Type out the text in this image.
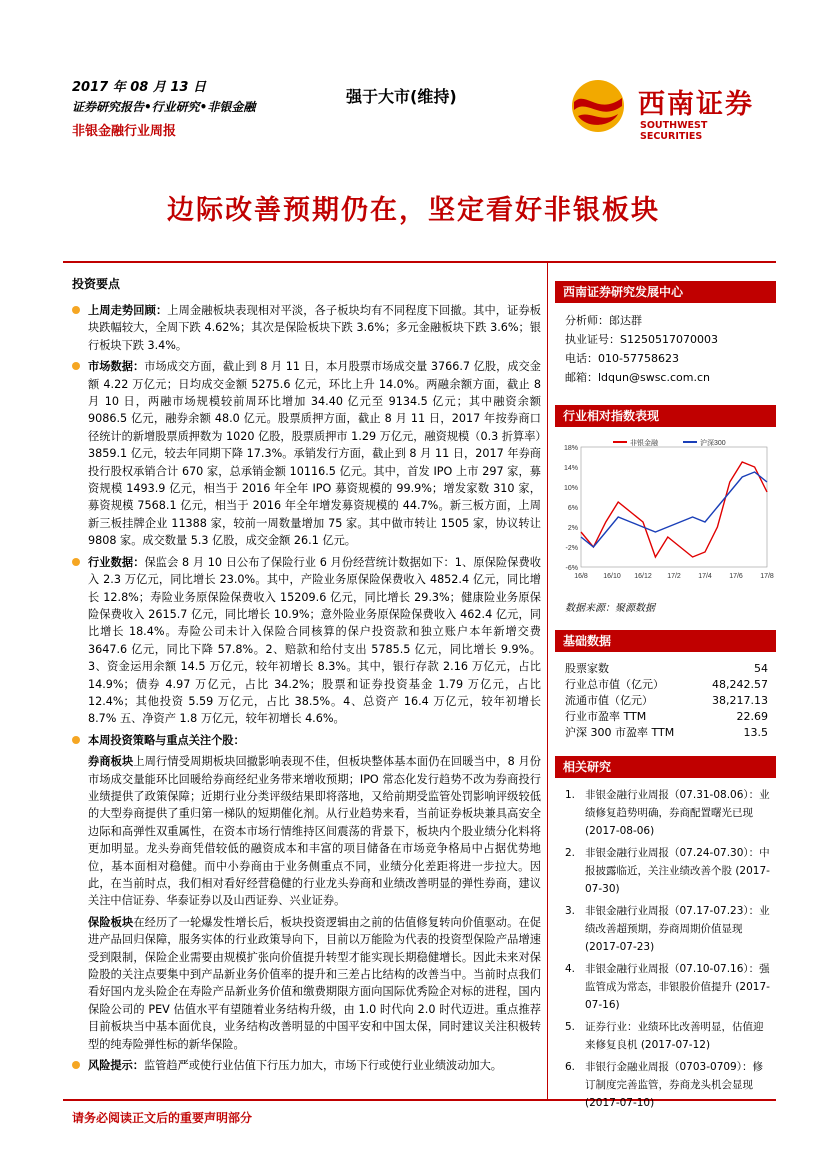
2017 年 08 月 13 日
证券研究报告•行业研究•非银金融
非银金融行业周报
强于大市(维持)	西南证券
SOUTHWEST SECURITIES
边际改善预期仍在，坚定看好非银板块
投资要点
上周走势回顾：上周金融板块表现相对平淡，各子板块均有不同程度下回撤。其中，证券板块跌幅较大，全周下跌 4.62%；其次是保险板块下跌 3.6%；多元金融板块下跌 3.6%；银行板块下跌 3.4%。
市场数据：市场成交方面，截止到 8 月 11 日，本月股票市场成交量 3766.7 亿股，成交金额 4.22 万亿元；日均成交金额 5275.6 亿元，环比上升 14.0%。两融余额方面，截止 8 月 10 日，两融市场规模较前周环比增加 34.40 亿元至 9134.5 亿元；其中融资余额 9086.5 亿元，融券余额 48.0 亿元。股票质押方面，截止 8 月 11 日，2017 年按券商口径统计的新增股票质押数为 1020 亿股，股票质押市 1.29 万亿元，融资规模（0.3 折算率）3859.1 亿元，较去年同期下降 17.3%。承销发行方面，截止到 8 月 11 日，2017 年券商投行股权承销合计 670 家，总承销金额 10116.5 亿元。其中，首发 IPO 上市 297 家，募资规模 1493.9 亿元，相当于 2016 年全年 IPO 募资规模的 99.9%；增发家数 310 家，募资规模 7568.1 亿元，相当于 2016 年全年增发募资规模的 44.7%。新三板方面，上周新三板挂牌企业 11388 家，较前一周数量增加 75 家。其中做市转让 1505 家，协议转让 9808 家。成交数量 5.3 亿股，成交金额 26.1 亿元。
行业数据：保监会 8 月 10 日公布了保险行业 6 月份经营统计数据如下：1、原保险保费收入 2.3 万亿元，同比增长 23.0%。其中，产险业务原保险保费收入 4852.4 亿元，同比增长 12.8%；寿险业务原保险保费收入 15209.6 亿元，同比增长 29.3%；健康险业务原保险保费收入 2615.7 亿元，同比增长 10.9%；意外险业务原保险保费收入 462.4 亿元，同比增长 18.4%。寿险公司未计入保险合同核算的保户投资款和独立账户本年新增交费 3647.6 亿元，同比下降 57.8%。2、赔款和给付支出 5785.5 亿元，同比增长 9.9%。3、资金运用余额 14.5 万亿元，较年初增长 8.3%。其中，银行存款 2.16 万亿元，占比 14.9%；债券 4.97 万亿元，占比 34.2%；股票和证券投资基金 1.79 万亿元，占比 12.4%；其他投资 5.59 万亿元，占比 38.5%。4、总资产 16.4 万亿元，较年初增长 8.7% 五、净资产 1.8 万亿元，较年初增长 4.6%。
本周投资策略与重点关注个股：
券商板块上周行情受周期板块回撤影响表现不佳，但板块整体基本面仍在回暖当中，8 月份市场成交量能环比回暖给券商经纪业务带来增收预期；IPO 常态化发行趋势不改为券商投行业绩提供了政策保障；近期行业分类评级结果即将落地，又给前期受监管处罚影响评级较低的大型券商提供了重归第一梯队的短期催化剂。从行业趋势来看，当前证券板块兼具高安全边际和高弹性双重属性，在资本市场行情维持区间震荡的背景下，板块内个股业绩分化料将更加明显。龙头券商凭借较低的融资成本和丰富的项目储备在市场竞争格局中占据优势地位，基本面相对稳健。而中小券商由于业务侧重点不同，业绩分化差距将进一步拉大。因此，在当前时点，我们相对看好经营稳健的行业龙头券商和业绩改善明显的弹性券商，建议关注中信证券、华泰证券以及山西证券、兴业证券。
保险板块在经历了一轮爆发性增长后，板块投资逻辑由之前的估值修复转向价值驱动。在促进产品回归保障，服务实体的行业政策导向下，目前以万能险为代表的投资型保险产品增速受到限制，保险企业需要由规模扩张向价值提升转型才能实现长期稳健增长。因此未来对保险股的关注点要集中到产品新业务价值率的提升和三差占比结构的改善当中。当前时点我们看好国内龙头险企在寿险产品新业务价值和缴费期限方面向国际优秀险企对标的进程，国内保险公司的 PEV 估值水平有望随着业务结构升级，由 1.0 时代向 2.0 时代迈进。重点推荐目前板块当中基本面优良，业务结构改善明显的中国平安和中国太保，同时建议关注积极转型的纯寿险弹性标的新华保险。
风险提示：监管趋严或使行业估值下行压力加大，市场下行或使行业业绩波动加大。
西南证券研究发展中心
分析师：郎达群
执业证号：S1250517070003
电话：010-57758623
邮箱：ldqun@swsc.com.cn
行业相对指数表现
18%
14%
10%
6%
2%
-2%
-6%
16/8 16/10 16/12 17/2 17/4 17/6 17/8
非银金融	沪深300
数据来源：聚源数据
基础数据
股票家数	54
行业总市值（亿元）	48,242.57
流通市值（亿元）	38,217.13
行业市盈率 TTM	22.69
沪深 300 市盈率 TTM	13.5
相关研究
1. 非银金融行业周报（07.31-08.06）：业绩修复趋势明确，券商配置曙光已现 (2017-08-06)
2. 非银金融行业周报（07.24-07.30）：中报披露临近，关注业绩改善个股 (2017-07-30)
3. 非银金融行业周报（07.17-07.23）：业绩改善超预期，券商周期价值显现 (2017-07-23)
4. 非银金融行业周报（07.10-07.16）：强监管成为常态，非银股价值提升 (2017-07-16)
5. 证券行业：业绩环比改善明显，估值迎来修复良机 (2017-07-12)
6. 非银行金融业周报（0703-0709）：修订制度完善监管，券商龙头机会显现 (2017-07-10)
请务必阅读正文后的重要声明部分
